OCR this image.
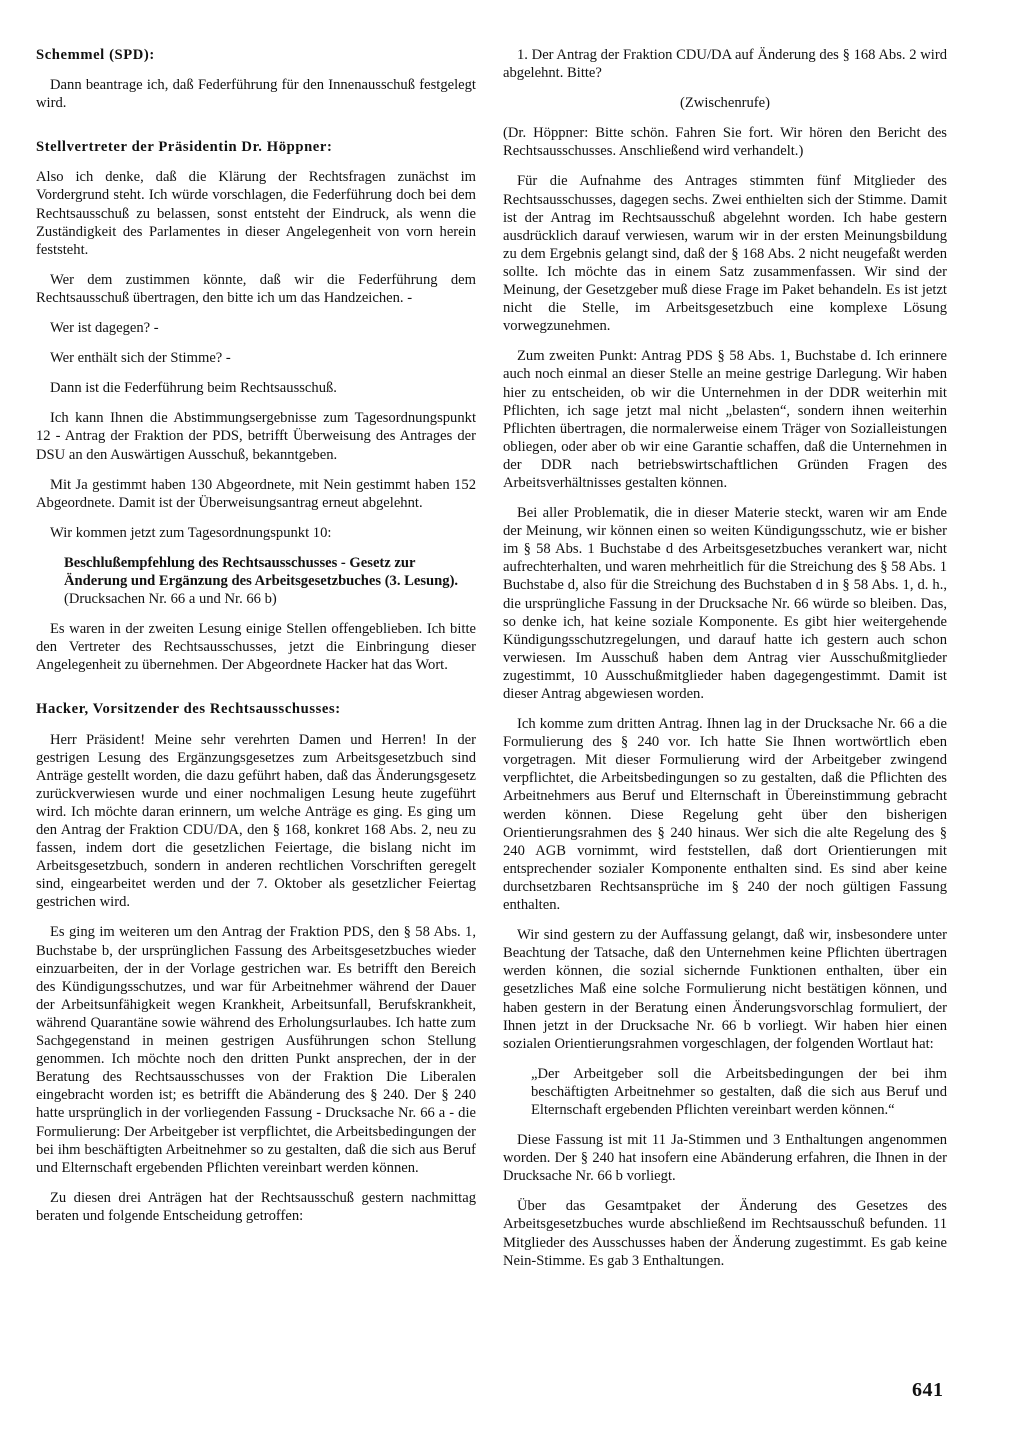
Schemmel (SPD):

Dann beantrage ich, daß Federführung für den Innenausschuß festgelegt wird.

Stellvertreter der Präsidentin Dr. Höppner:

Also ich denke, daß die Klärung der Rechtsfragen zunächst im Vordergrund steht. Ich würde vorschlagen, die Federführung doch bei dem Rechtsausschuß zu belassen, sonst entsteht der Eindruck, als wenn die Zuständigkeit des Parlamentes in dieser Angelegenheit von vorn herein feststeht.

Wer dem zustimmen könnte, daß wir die Federführung dem Rechtsausschuß übertragen, den bitte ich um das Handzeichen. -

Wer ist dagegen? -

Wer enthält sich der Stimme? -

Dann ist die Federführung beim Rechtsausschuß.

Ich kann Ihnen die Abstimmungsergebnisse zum Tagesordnungspunkt 12 - Antrag der Fraktion der PDS, betrifft Überweisung des Antrages der DSU an den Auswärtigen Ausschuß, bekanntgeben.

Mit Ja gestimmt haben 130 Abgeordnete, mit Nein gestimmt haben 152 Abgeordnete. Damit ist der Überweisungsantrag erneut abgelehnt.

Wir kommen jetzt zum Tagesordnungspunkt 10:

Beschlußempfehlung des Rechtsausschusses - Gesetz zur Änderung und Ergänzung des Arbeitsgesetzbuches (3. Lesung).
(Drucksachen Nr. 66 a und Nr. 66 b)

Es waren in der zweiten Lesung einige Stellen offengeblieben. Ich bitte den Vertreter des Rechtsausschusses, jetzt die Einbringung dieser Angelegenheit zu übernehmen. Der Abgeordnete Hacker hat das Wort.

Hacker, Vorsitzender des Rechtsausschusses:

Herr Präsident! Meine sehr verehrten Damen und Herren! In der gestrigen Lesung des Ergänzungsgesetzes zum Arbeitsgesetzbuch sind Anträge gestellt worden, die dazu geführt haben, daß das Änderungsgesetz zurückverwiesen wurde und einer nochmaligen Lesung heute zugeführt wird. Ich möchte daran erinnern, um welche Anträge es ging. Es ging um den Antrag der Fraktion CDU/DA, den § 168, konkret 168 Abs. 2, neu zu fassen, indem dort die gesetzlichen Feiertage, die bislang nicht im Arbeitsgesetzbuch, sondern in anderen rechtlichen Vorschriften geregelt sind, eingearbeitet werden und der 7. Oktober als gesetzlicher Feiertag gestrichen wird.

Es ging im weiteren um den Antrag der Fraktion PDS, den § 58 Abs. 1, Buchstabe b, der ursprünglichen Fassung des Arbeitsgesetzbuches wieder einzuarbeiten, der in der Vorlage gestrichen war. Es betrifft den Bereich des Kündigungsschutzes, und war für Arbeitnehmer während der Dauer der Arbeitsunfähigkeit wegen Krankheit, Arbeitsunfall, Berufskrankheit, während Quarantäne sowie während des Erholungsurlaubes. Ich hatte zum Sachgegenstand in meinen gestrigen Ausführungen schon Stellung genommen. Ich möchte noch den dritten Punkt ansprechen, der in der Beratung des Rechtsausschusses von der Fraktion Die Liberalen eingebracht worden ist; es betrifft die Abänderung des § 240. Der § 240 hatte ursprünglich in der vorliegenden Fassung - Drucksache Nr. 66 a - die Formulierung: Der Arbeitgeber ist verpflichtet, die Arbeitsbedingungen der bei ihm beschäftigten Arbeitnehmer so zu gestalten, daß die sich aus Beruf und Elternschaft ergebenden Pflichten vereinbart werden können.

Zu diesen drei Anträgen hat der Rechtsausschuß gestern nachmittag beraten und folgende Entscheidung getroffen:

1. Der Antrag der Fraktion CDU/DA auf Änderung des § 168 Abs. 2 wird abgelehnt. Bitte?

(Zwischenrufe)

(Dr. Höppner: Bitte schön. Fahren Sie fort. Wir hören den Bericht des Rechtsausschusses. Anschließend wird verhandelt.)

Für die Aufnahme des Antrages stimmten fünf Mitglieder des Rechtsausschusses, dagegen sechs. Zwei enthielten sich der Stimme. Damit ist der Antrag im Rechtsausschuß abgelehnt worden. Ich habe gestern ausdrücklich darauf verwiesen, warum wir in der ersten Meinungsbildung zu dem Ergebnis gelangt sind, daß der § 168 Abs. 2 nicht neugefaßt werden sollte. Ich möchte das in einem Satz zusammenfassen. Wir sind der Meinung, der Gesetzgeber muß diese Frage im Paket behandeln. Es ist jetzt nicht die Stelle, im Arbeitsgesetzbuch eine komplexe Lösung vorwegzunehmen.

Zum zweiten Punkt: Antrag PDS § 58 Abs. 1, Buchstabe d. Ich erinnere auch noch einmal an dieser Stelle an meine gestrige Darlegung. Wir haben hier zu entscheiden, ob wir die Unternehmen in der DDR weiterhin mit Pflichten, ich sage jetzt mal nicht „belasten“, sondern ihnen weiterhin Pflichten übertragen, die normalerweise einem Träger von Sozialleistungen obliegen, oder aber ob wir eine Garantie schaffen, daß die Unternehmen in der DDR nach betriebswirtschaftlichen Gründen Fragen des Arbeitsverhältnisses gestalten können.

Bei aller Problematik, die in dieser Materie steckt, waren wir am Ende der Meinung, wir können einen so weiten Kündigungsschutz, wie er bisher im § 58 Abs. 1 Buchstabe d des Arbeitsgesetzbuches verankert war, nicht aufrechterhalten, und waren mehrheitlich für die Streichung des § 58 Abs. 1 Buchstabe d, also für die Streichung des Buchstaben d in § 58 Abs. 1, d. h., die ursprüngliche Fassung in der Drucksache Nr. 66 würde so bleiben. Das, so denke ich, hat keine soziale Komponente. Es gibt hier weitergehende Kündigungsschutzregelungen, und darauf hatte ich gestern auch schon verwiesen. Im Ausschuß haben dem Antrag vier Ausschußmitglieder zugestimmt, 10 Ausschußmitglieder haben dagegengestimmt. Damit ist dieser Antrag abgewiesen worden.

Ich komme zum dritten Antrag. Ihnen lag in der Drucksache Nr. 66 a die Formulierung des § 240 vor. Ich hatte Sie Ihnen wortwörtlich eben vorgetragen. Mit dieser Formulierung wird der Arbeitgeber zwingend verpflichtet, die Arbeitsbedingungen so zu gestalten, daß die Pflichten des Arbeitnehmers aus Beruf und Elternschaft in Übereinstimmung gebracht werden können. Diese Regelung geht über den bisherigen Orientierungsrahmen des § 240 hinaus. Wer sich die alte Regelung des § 240 AGB vornimmt, wird feststellen, daß dort Orientierungen mit entsprechender sozialer Komponente enthalten sind. Es sind aber keine durchsetzbaren Rechtsansprüche im § 240 der noch gültigen Fassung enthalten.

Wir sind gestern zu der Auffassung gelangt, daß wir, insbesondere unter Beachtung der Tatsache, daß den Unternehmen keine Pflichten übertragen werden können, die sozial sichernde Funktionen enthalten, über ein gesetzliches Maß eine solche Formulierung nicht bestätigen können, und haben gestern in der Beratung einen Änderungsvorschlag formuliert, der Ihnen jetzt in der Drucksache Nr. 66 b vorliegt. Wir haben hier einen sozialen Orientierungsrahmen vorgeschlagen, der folgenden Wortlaut hat:

„Der Arbeitgeber soll die Arbeitsbedingungen der bei ihm beschäftigten Arbeitnehmer so gestalten, daß die sich aus Beruf und Elternschaft ergebenden Pflichten vereinbart werden können.“

Diese Fassung ist mit 11 Ja-Stimmen und 3 Enthaltungen angenommen worden. Der § 240 hat insofern eine Abänderung erfahren, die Ihnen in der Drucksache Nr. 66 b vorliegt.

Über das Gesamtpaket der Änderung des Gesetzes des Arbeitsgesetzbuches wurde abschließend im Rechtsausschuß befunden. 11 Mitglieder des Ausschusses haben der Änderung zugestimmt. Es gab keine Nein-Stimme. Es gab 3 Enthaltungen.

641
